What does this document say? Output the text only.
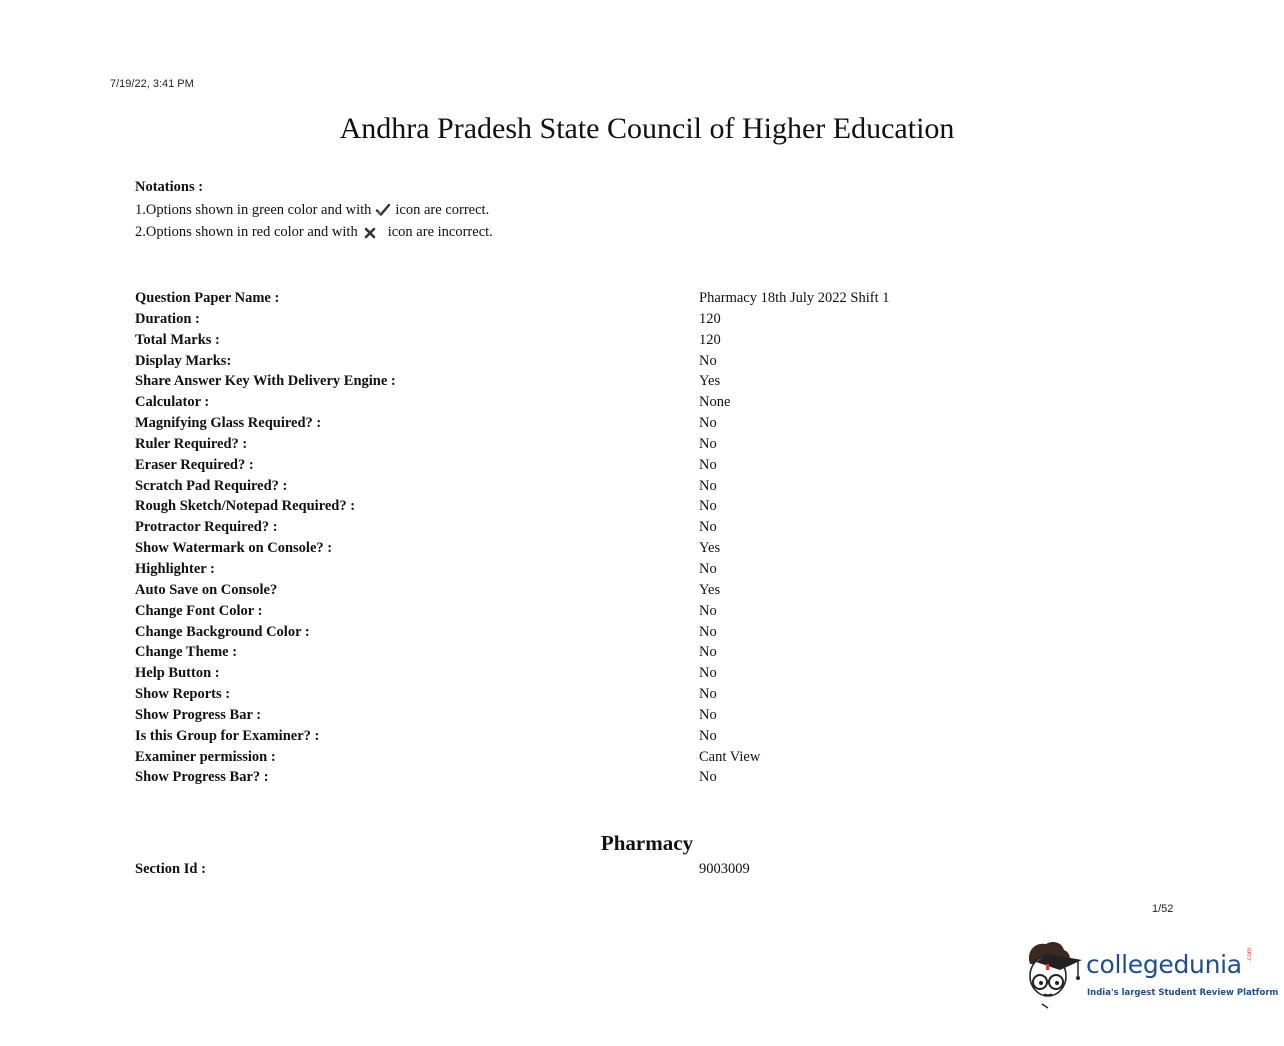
7/19/22, 3:41 PM
Andhra Pradesh State Council of Higher Education
Notations :
1.Options shown in green color and with icon are correct.
2.Options shown in red color and with icon are incorrect.
Question Paper Name :	Pharmacy 18th July 2022 Shift 1
Duration :	120
Total Marks :	120
Display Marks:	No
Share Answer Key With Delivery Engine :	Yes
Calculator :	None
Magnifying Glass Required? :	No
Ruler Required? :	No
Eraser Required? :	No
Scratch Pad Required? :	No
Rough Sketch/Notepad Required? :	No
Protractor Required? :	No
Show Watermark on Console? :	Yes
Highlighter :	No
Auto Save on Console?	Yes
Change Font Color :	No
Change Background Color :	No
Change Theme :	No
Help Button :	No
Show Reports :	No
Show Progress Bar :	No
Is this Group for Examiner? :	No
Examiner permission :	Cant View
Show Progress Bar? :	No
Pharmacy
Section Id :	9003009
1/52
collegedunia .com
India's largest Student Review Platform
